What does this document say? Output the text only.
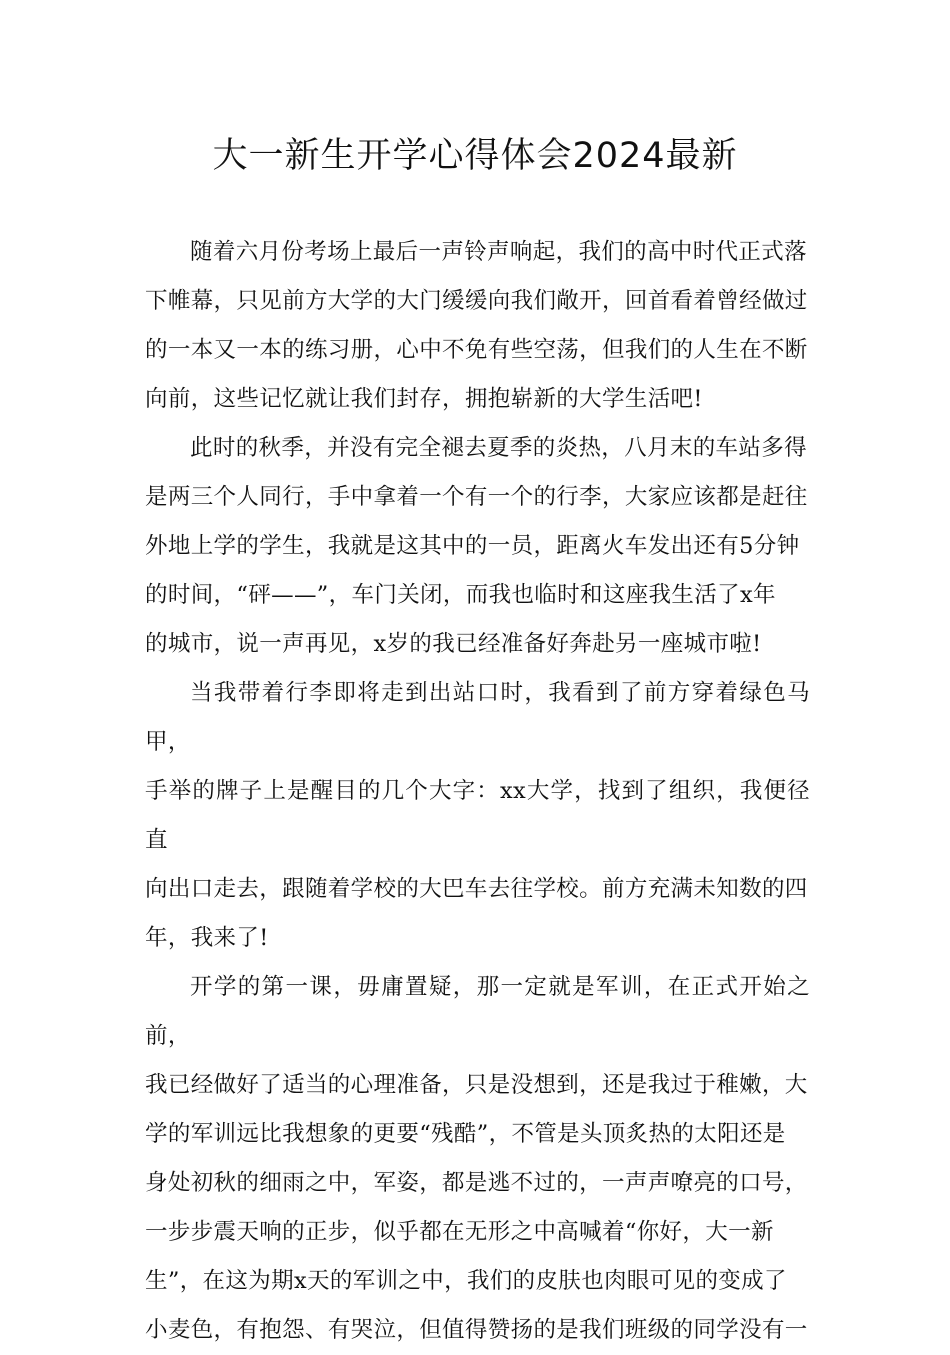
大一新生开学心得体会2024最新

随着六月份考场上最后一声铃声响起，我们的高中时代正式落
下帷幕，只见前方大学的大门缓缓向我们敞开，回首看着曾经做过
的一本又一本的练习册，心中不免有些空荡，但我们的人生在不断
向前，这些记忆就让我们封存，拥抱崭新的大学生活吧!

此时的秋季，并没有完全褪去夏季的炎热，八月末的车站多得
是两三个人同行，手中拿着一个有一个的行李，大家应该都是赶往
外地上学的学生，我就是这其中的一员，距离火车发出还有5分钟
的时间，“砰——”，车门关闭，而我也临时和这座我生活了x年
的城市，说一声再见，x岁的我已经准备好奔赴另一座城市啦!

当我带着行李即将走到出站口时，我看到了前方穿着绿色马甲，
手举的牌子上是醒目的几个大字：xx大学，找到了组织，我便径直
向出口走去，跟随着学校的大巴车去往学校。前方充满未知数的四
年，我来了!

开学的第一课，毋庸置疑，那一定就是军训，在正式开始之前，
我已经做好了适当的心理准备，只是没想到，还是我过于稚嫩，大
学的军训远比我想象的更要“残酷”，不管是头顶炙热的太阳还是
身处初秋的细雨之中，军姿，都是逃不过的，一声声嘹亮的口号，
一步步震天响的正步，似乎都在无形之中高喊着“你好，大一新
生”，在这为期x天的军训之中，我们的皮肤也肉眼可见的变成了
小麦色，有抱怨、有哭泣，但值得赞扬的是我们班级的同学没有一
